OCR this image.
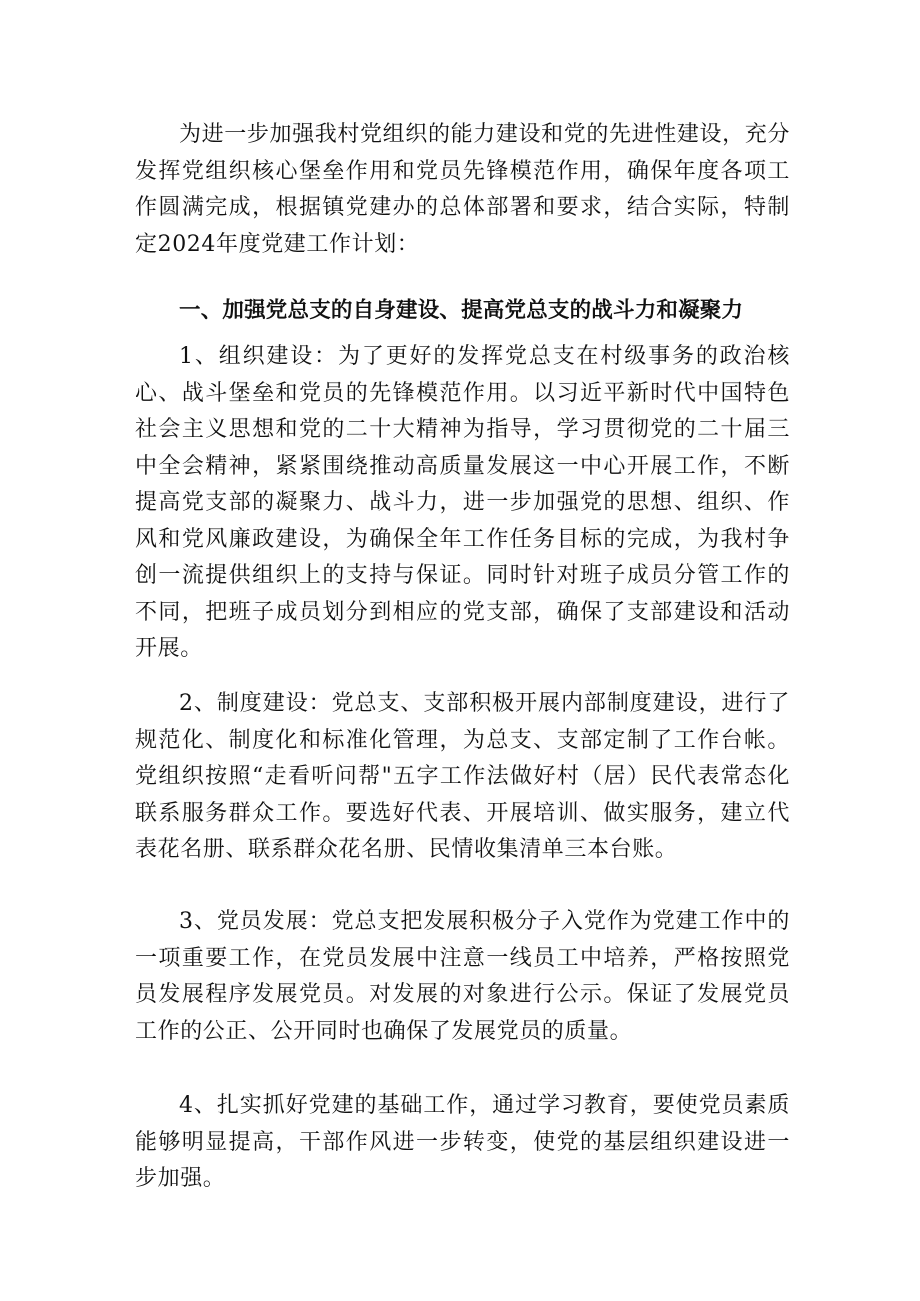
为进一步加强我村党组织的能力建设和党的先进性建设，充分发挥党组织核心堡垒作用和党员先锋模范作用，确保年度各项工作圆满完成，根据镇党建办的总体部署和要求，结合实际，特制定2024年度党建工作计划：

一、加强党总支的自身建设、提高党总支的战斗力和凝聚力

1、组织建设：为了更好的发挥党总支在村级事务的政治核心、战斗堡垒和党员的先锋模范作用。以习近平新时代中国特色社会主义思想和党的二十大精神为指导，学习贯彻党的二十届三中全会精神，紧紧围绕推动高质量发展这一中心开展工作，不断提高党支部的凝聚力、战斗力，进一步加强党的思想、组织、作风和党风廉政建设，为确保全年工作任务目标的完成，为我村争创一流提供组织上的支持与保证。同时针对班子成员分管工作的不同，把班子成员划分到相应的党支部，确保了支部建设和活动开展。

2、制度建设：党总支、支部积极开展内部制度建设，进行了规范化、制度化和标准化管理，为总支、支部定制了工作台帐。党组织按照“走看听问帮"五字工作法做好村（居）民代表常态化联系服务群众工作。要选好代表、开展培训、做实服务，建立代表花名册、联系群众花名册、民情收集清单三本台账。

3、党员发展：党总支把发展积极分子入党作为党建工作中的一项重要工作，在党员发展中注意一线员工中培养，严格按照党员发展程序发展党员。对发展的对象进行公示。保证了发展党员工作的公正、公开同时也确保了发展党员的质量。

4、扎实抓好党建的基础工作，通过学习教育，要使党员素质能够明显提高，干部作风进一步转变，使党的基层组织建设进一步加强。
